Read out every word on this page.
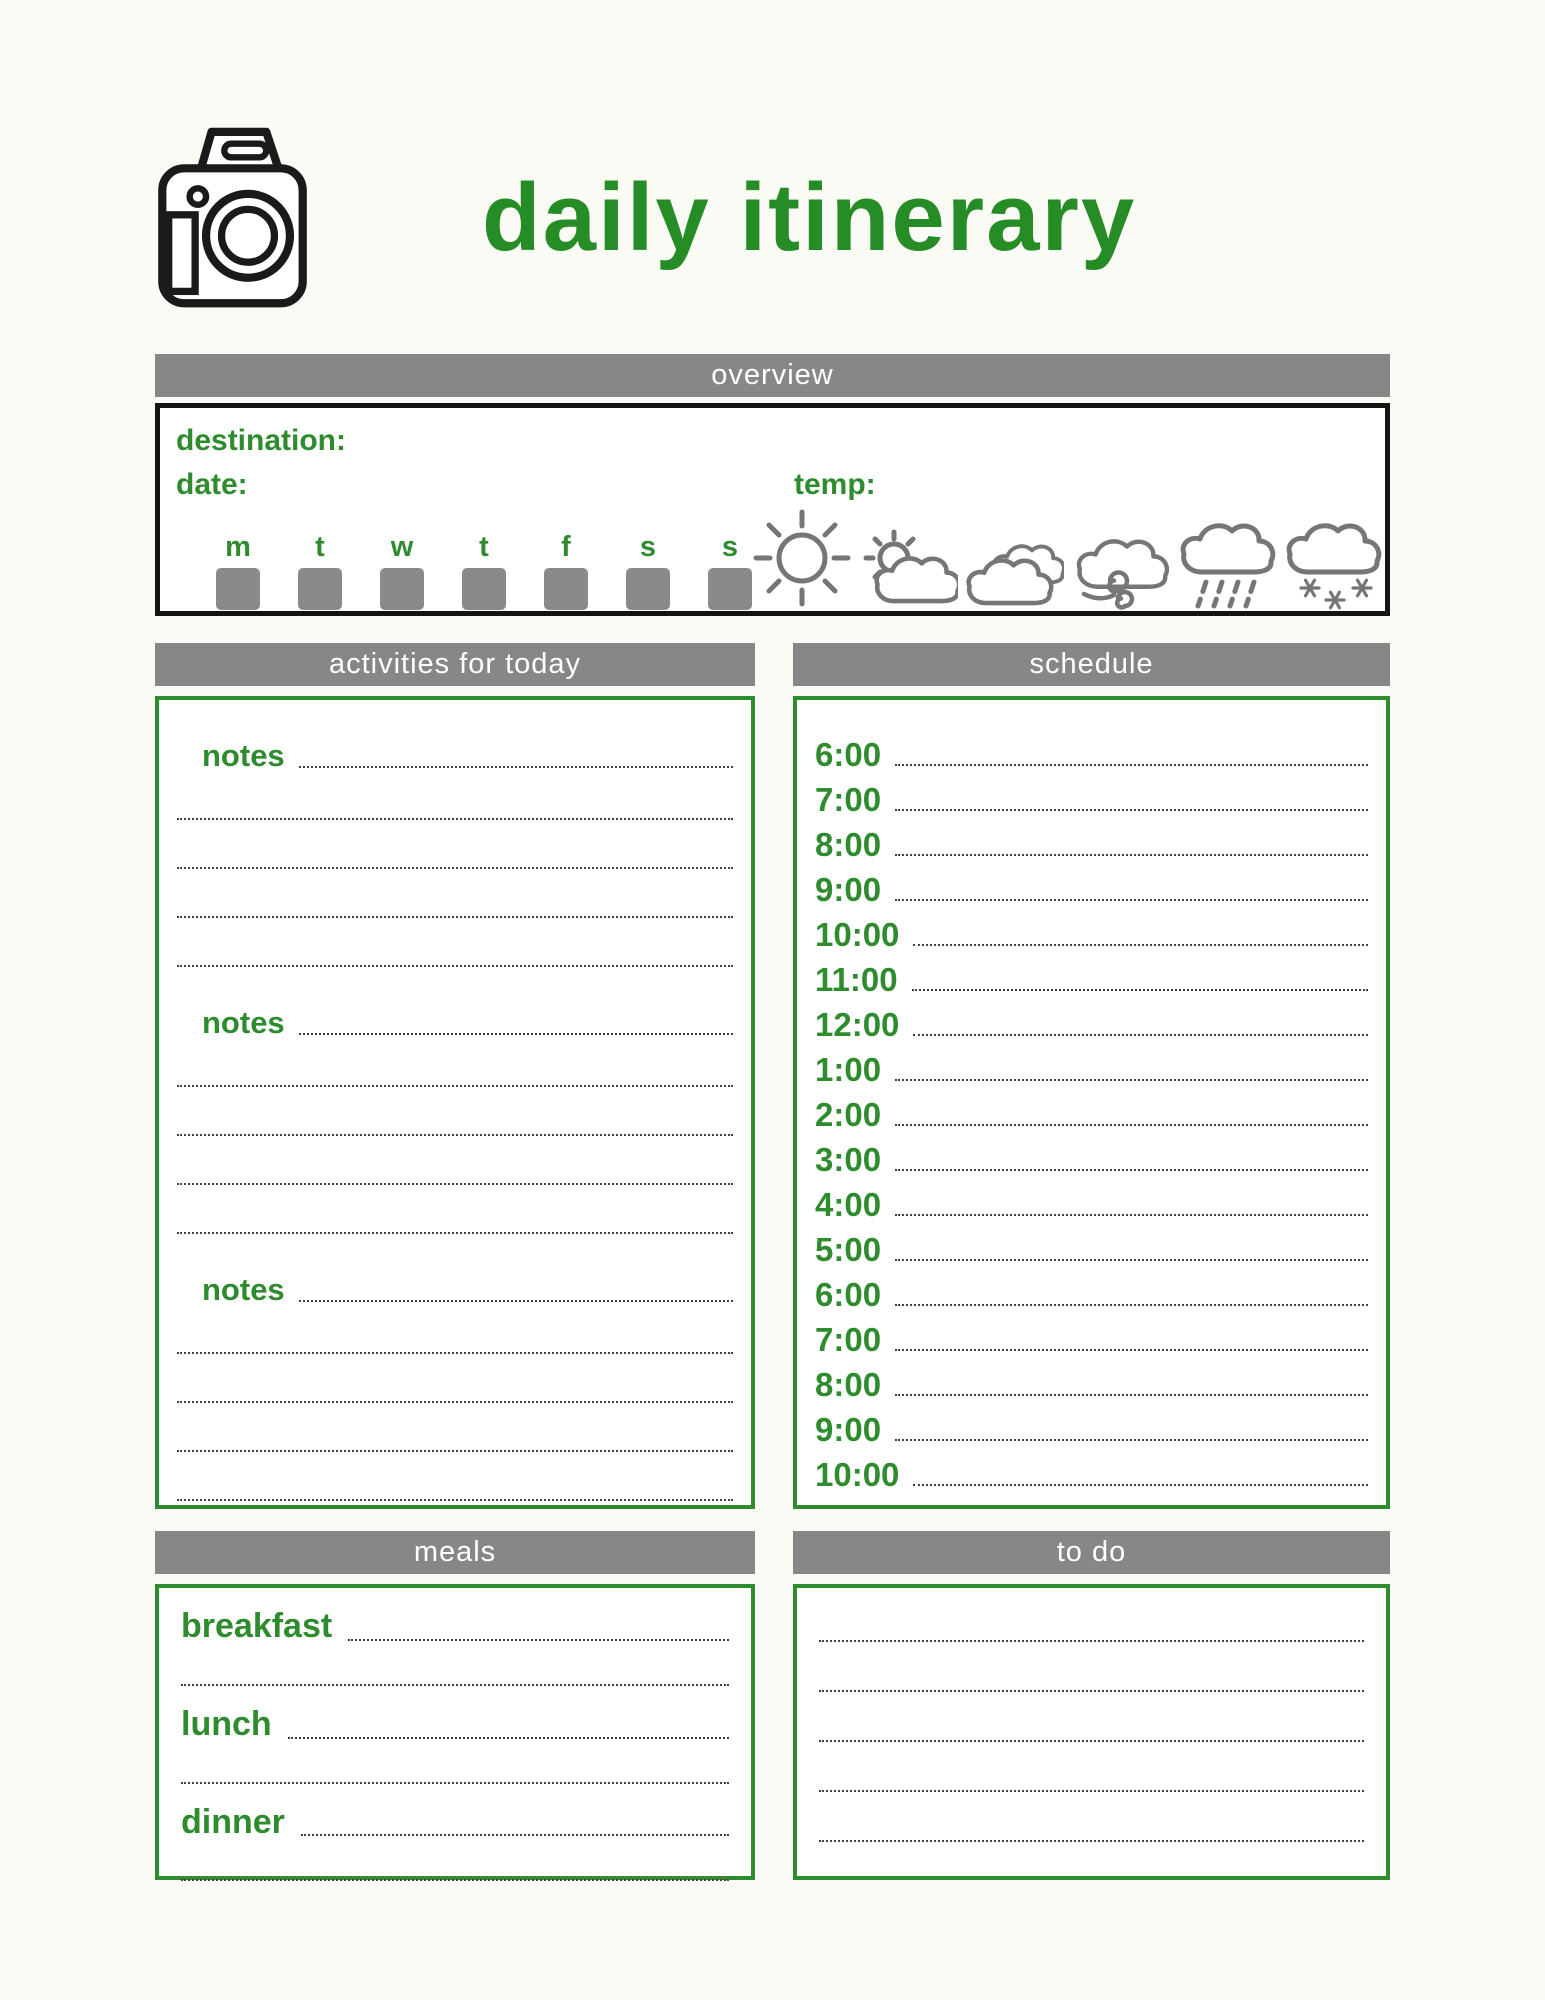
daily itinerary
overview
destination:
date:	temp:
m t w t f s s
activities for today
notes
notes
notes
meals
breakfast
lunch
dinner
schedule
6:00
7:00
8:00
9:00
10:00
11:00
12:00
1:00
2:00
3:00
4:00
5:00
6:00
7:00
8:00
9:00
10:00
to do
